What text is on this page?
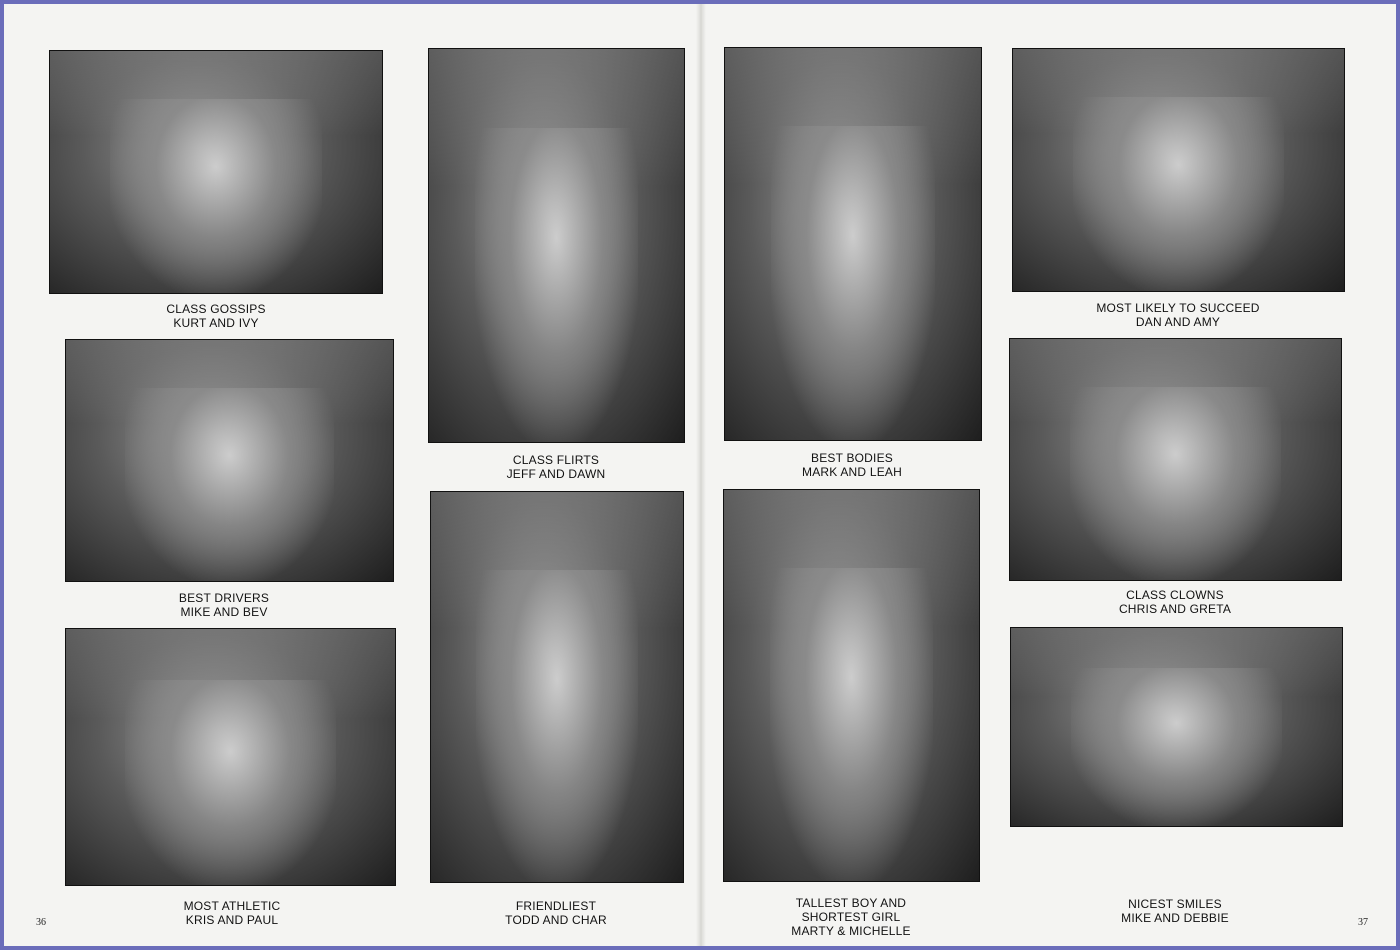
CLASS GOSSIPS
KURT AND IVY
BEST DRIVERS
MIKE AND BEV
MOST ATHLETIC
KRIS AND PAUL
CLASS FLIRTS
JEFF AND DAWN
FRIENDLIEST
TODD AND CHAR
BEST BODIES
MARK AND LEAH
TALLEST BOY AND
SHORTEST GIRL
MARTY & MICHELLE
MOST LIKELY TO SUCCEED
DAN AND AMY
CLASS CLOWNS
CHRIS AND GRETA
NICEST SMILES
MIKE AND DEBBIE
36	37
